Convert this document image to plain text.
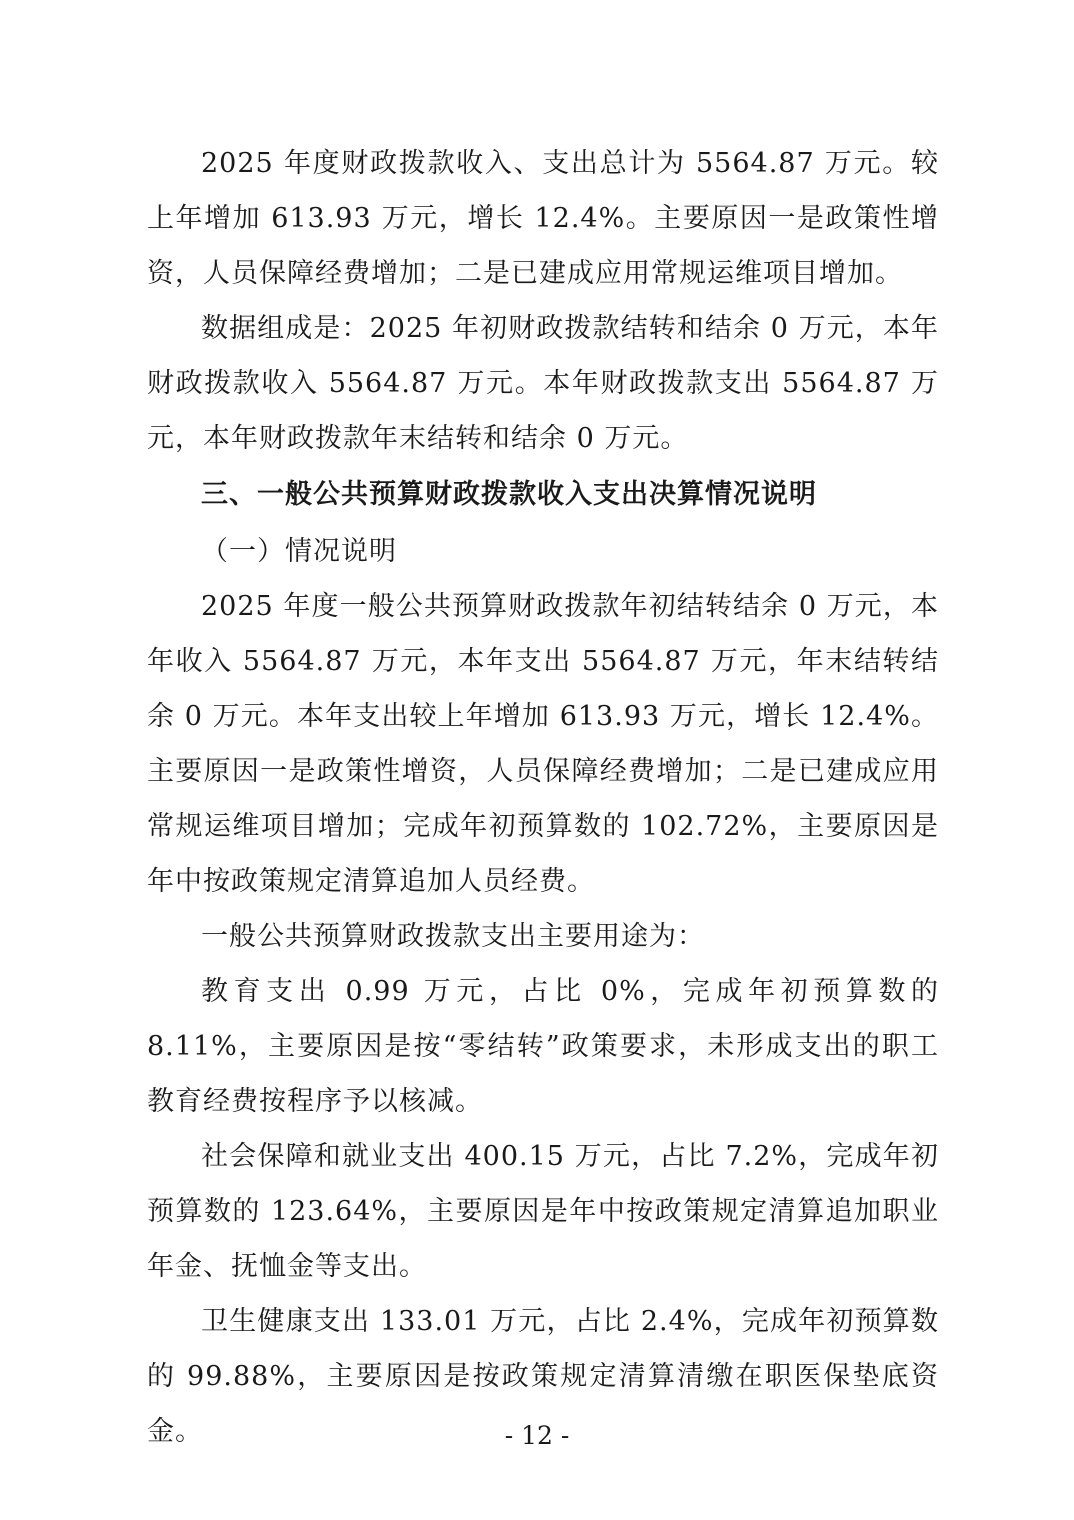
2025 年度财政拨款收入、支出总计为 5564.87 万元。较上年增加 613.93 万元，增长 12.4%。主要原因一是政策性增资，人员保障经费增加；二是已建成应用常规运维项目增加。

数据组成是：2025 年初财政拨款结转和结余 0 万元，本年财政拨款收入 5564.87 万元。本年财政拨款支出 5564.87 万元，本年财政拨款年末结转和结余 0 万元。

三、一般公共预算财政拨款收入支出决算情况说明

（一）情况说明

2025 年度一般公共预算财政拨款年初结转结余 0 万元，本年收入 5564.87 万元，本年支出 5564.87 万元，年末结转结余 0 万元。本年支出较上年增加 613.93 万元，增长 12.4%。主要原因一是政策性增资，人员保障经费增加；二是已建成应用常规运维项目增加；完成年初预算数的 102.72%，主要原因是年中按政策规定清算追加人员经费。

一般公共预算财政拨款支出主要用途为：

教育支出 0.99 万元，占比 0%，完成年初预算数的 8.11%，主要原因是按“零结转”政策要求，未形成支出的职工教育经费按程序予以核减。

社会保障和就业支出 400.15 万元，占比 7.2%，完成年初预算数的 123.64%，主要原因是年中按政策规定清算追加职业年金、抚恤金等支出。

卫生健康支出 133.01 万元，占比 2.4%，完成年初预算数的 99.88%，主要原因是按政策规定清算清缴在职医保垫底资金。	- 12 -
